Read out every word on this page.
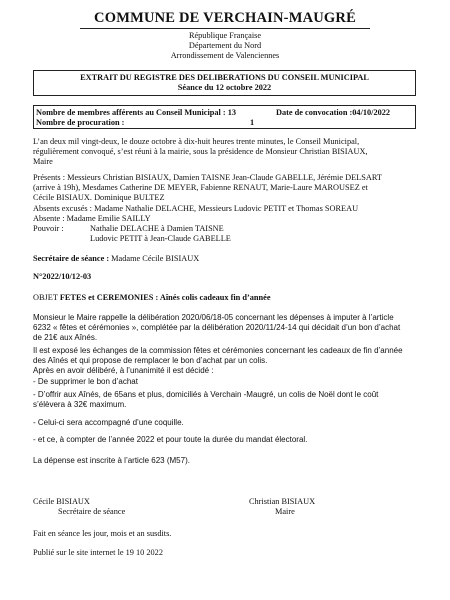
COMMUNE DE VERCHAIN-MAUGRÉ
République Française
Département du Nord
Arrondissement de Valenciennes
EXTRAIT DU REGISTRE DES DELIBERATIONS DU CONSEIL MUNICIPAL
Séance du 12 octobre 2022
Nombre de membres afférents au Conseil Municipal : 13	Date de convocation :04/10/2022
Nombre de procuration :	1
L’an deux mil vingt-deux, le douze octobre à dix-huit heures trente minutes, le Conseil Municipal,
régulièrement convoqué, s’est réuni à la mairie, sous la présidence de Monsieur Christian BISIAUX,
Maire
Présents : Messieurs Christian BISIAUX, Damien TAISNE Jean-Claude GABELLE, Jérémie DELSART
(arrive à 19h), Mesdames Catherine DE MEYER, Fabienne RENAUT, Marie-Laure MAROUSEZ et
Cécile BISIAUX. Dominique BULTEZ
Absents excusés : Madame Nathalie DELACHE, Messieurs Ludovic PETIT et Thomas SOREAU
Absente : Madame Emilie SAILLY
Pouvoir :	Nathalie DELACHE à Damien TAISNE
Ludovic PETIT à Jean-Claude GABELLE
Secrétaire de séance : Madame Cécile BISIAUX
N°2022/10/12-03
OBJET FETES et CEREMONIES : Aînés colis cadeaux fin d’année
Monsieur le Maire rappelle la délibération 2020/06/18-05 concernant les dépenses à imputer à l’article
6232 « fêtes et cérémonies », complétée par la délibération 2020/11/24-14 qui décidait d’un bon d’achat
de 21€ aux Aînés.
Il est exposé les échanges de la commission fêtes et cérémonies concernant les cadeaux de fin d’année
des Aînés et qui propose de remplacer le bon d’achat par un colis.
Après en avoir délibéré, à l’unanimité il est décidé :
- De supprimer le bon d’achat
- D’offrir aux Aînés, de 65ans et plus, domiciliés à Verchain -Maugré, un colis de Noël dont le coût
s’élèvera à 32€ maximum.
- Celui-ci sera accompagné d’une coquille.
- et ce, à compter de l’année 2022 et pour toute la durée du mandat électoral.
La dépense est inscrite à l’article 623 (M57).
Cécile BISIAUX
Secrétaire de séance
Christian BISIAUX
Maire
Fait en séance les jour, mois et an susdits.
Publié sur le site internet le 19 10 2022
